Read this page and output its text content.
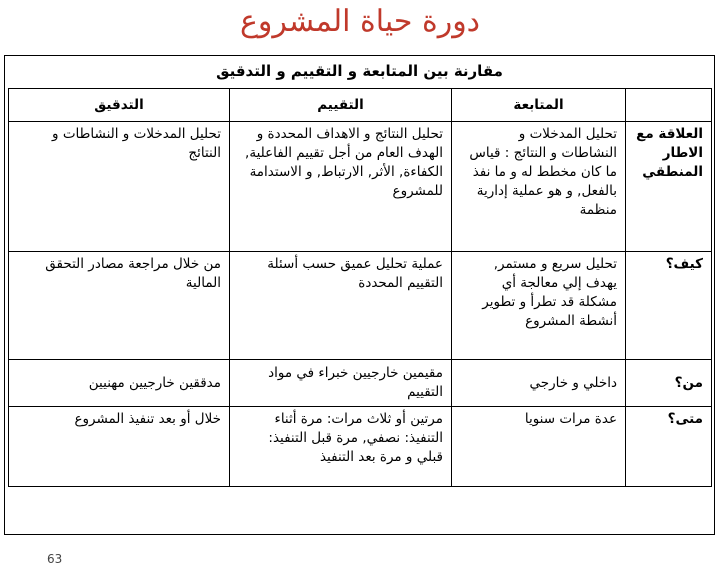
دورة حياة المشروع
مقارنة بين المتابعة و التقييم و التدقيق
	المتابعة	التقييم	التدقيق
العلاقة مع الاطار المنطقي	تحليل المدخلات و النشاطات و النتائج : قياس ما كان مخطط له و ما نفذ بالفعل, و هو عملية إدارية منظمة	تحليل النتائج و الاهداف المحددة و الهدف العام من أجل تقييم الفاعلية, الكفاءة, الأثر, الارتباط, و الاستدامة للمشروع	تحليل المدخلات و النشاطات و النتائج
كيف؟	تحليل سريع و مستمر, يهدف إلي معالجة أي مشكلة قد تطرأ و تطوير أنشطة المشروع	عملية تحليل عميق حسب أسئلة التقييم المحددة	من خلال مراجعة مصادر التحقق المالية
من؟	داخلي و خارجي	مقيمين خارجيين خبراء في مواد التقييم	مدققين خارجيين مهنيين
متى؟	عدة مرات سنويا	مرتين أو ثلاث مرات: مرة أثناء التنفيذ: نصفي, مرة قبل التنفيذ: قبلي و مرة بعد التنفيذ	خلال أو بعد تنفيذ المشروع
63
